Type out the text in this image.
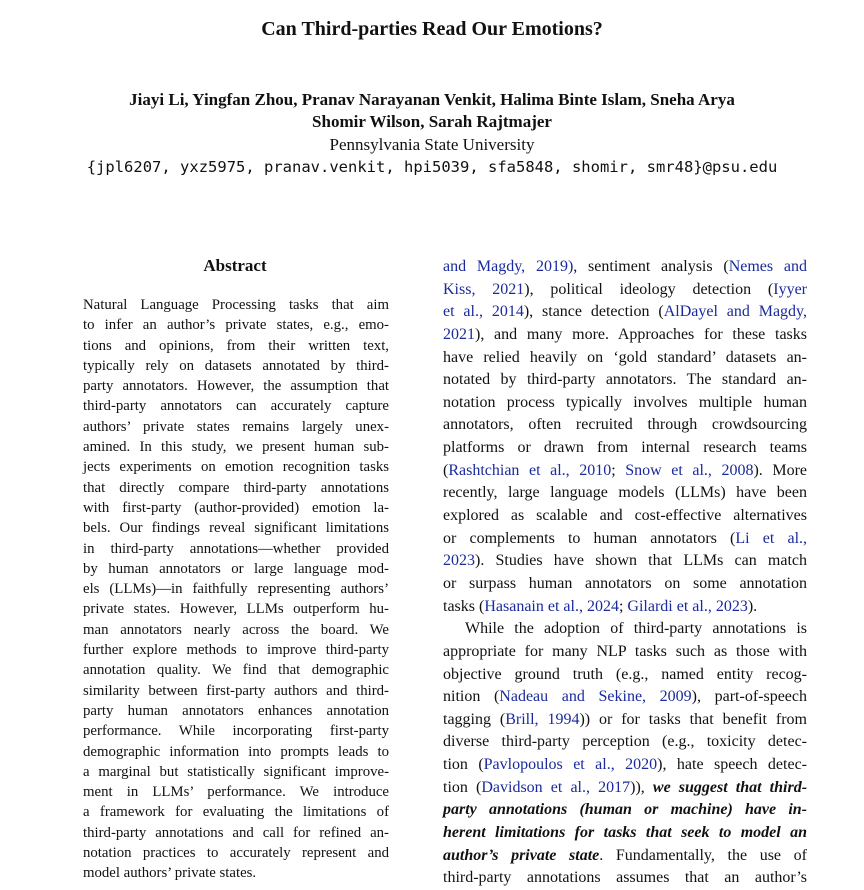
Can Third-parties Read Our Emotions?
Jiayi Li, Yingfan Zhou, Pranav Narayanan Venkit, Halima Binte Islam, Sneha Arya
Shomir Wilson, Sarah Rajtmajer
Pennsylvania State University
{jpl6207, yxz5975, pranav.venkit, hpi5039, sfa5848, shomir, smr48}@psu.edu
Abstract
Natural Language Processing tasks that aim
to infer an author’s private states, e.g., emo-
tions and opinions, from their written text,
typically rely on datasets annotated by third-
party annotators. However, the assumption that
third-party annotators can accurately capture
authors’ private states remains largely unex-
amined. In this study, we present human sub-
jects experiments on emotion recognition tasks
that directly compare third-party annotations
with first-party (author-provided) emotion la-
bels. Our findings reveal significant limitations
in third-party annotations—whether provided
by human annotators or large language mod-
els (LLMs)—in faithfully representing authors’
private states. However, LLMs outperform hu-
man annotators nearly across the board. We
further explore methods to improve third-party
annotation quality. We find that demographic
similarity between first-party authors and third-
party human annotators enhances annotation
performance. While incorporating first-party
demographic information into prompts leads to
a marginal but statistically significant improve-
ment in LLMs’ performance. We introduce
a framework for evaluating the limitations of
third-party annotations and call for refined an-
notation practices to accurately represent and
model authors’ private states.
and Magdy, 2019), sentiment analysis (Nemes and
Kiss, 2021), political ideology detection (Iyyer
et al., 2014), stance detection (AlDayel and Magdy,
2021), and many more. Approaches for these tasks
have relied heavily on ‘gold standard’ datasets an-
notated by third-party annotators. The standard an-
notation process typically involves multiple human
annotators, often recruited through crowdsourcing
platforms or drawn from internal research teams
(Rashtchian et al., 2010; Snow et al., 2008). More
recently, large language models (LLMs) have been
explored as scalable and cost-effective alternatives
or complements to human annotators (Li et al.,
2023). Studies have shown that LLMs can match
or surpass human annotators on some annotation
tasks (Hasanain et al., 2024; Gilardi et al., 2023).
While the adoption of third-party annotations is
appropriate for many NLP tasks such as those with
objective ground truth (e.g., named entity recog-
nition (Nadeau and Sekine, 2009), part-of-speech
tagging (Brill, 1994)) or for tasks that benefit from
diverse third-party perception (e.g., toxicity detec-
tion (Pavlopoulos et al., 2020), hate speech detec-
tion (Davidson et al., 2017)), we suggest that third-
party annotations (human or machine) have in-
herent limitations for tasks that seek to model an
author’s private state. Fundamentally, the use of
third-party annotations assumes that an author’s
